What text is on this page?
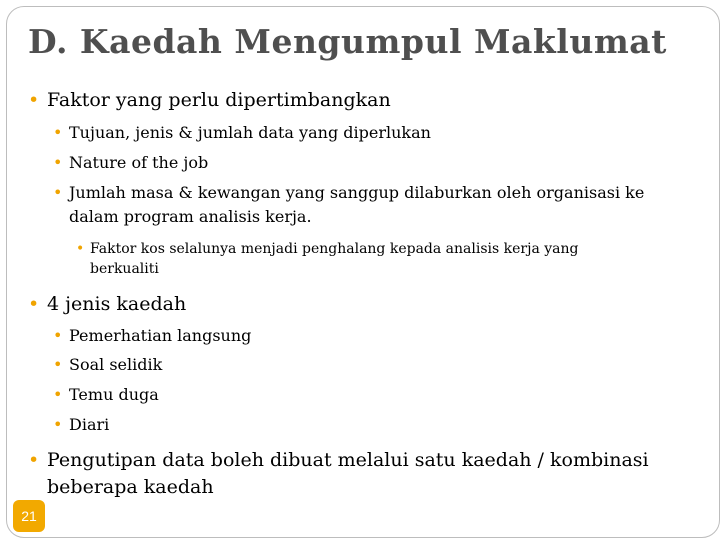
D. Kaedah Mengumpul Maklumat
• Faktor yang perlu dipertimbangkan
• Tujuan, jenis & jumlah data yang diperlukan
• Nature of the job
• Jumlah masa & kewangan yang sanggup dilaburkan oleh organisasi ke
dalam program analisis kerja.
• Faktor kos selalunya menjadi penghalang kepada analisis kerja yang
berkualiti
• 4 jenis kaedah
• Pemerhatian langsung
• Soal selidik
• Temu duga
• Diari
• Pengutipan data boleh dibuat melalui satu kaedah / kombinasi
beberapa kaedah
21
